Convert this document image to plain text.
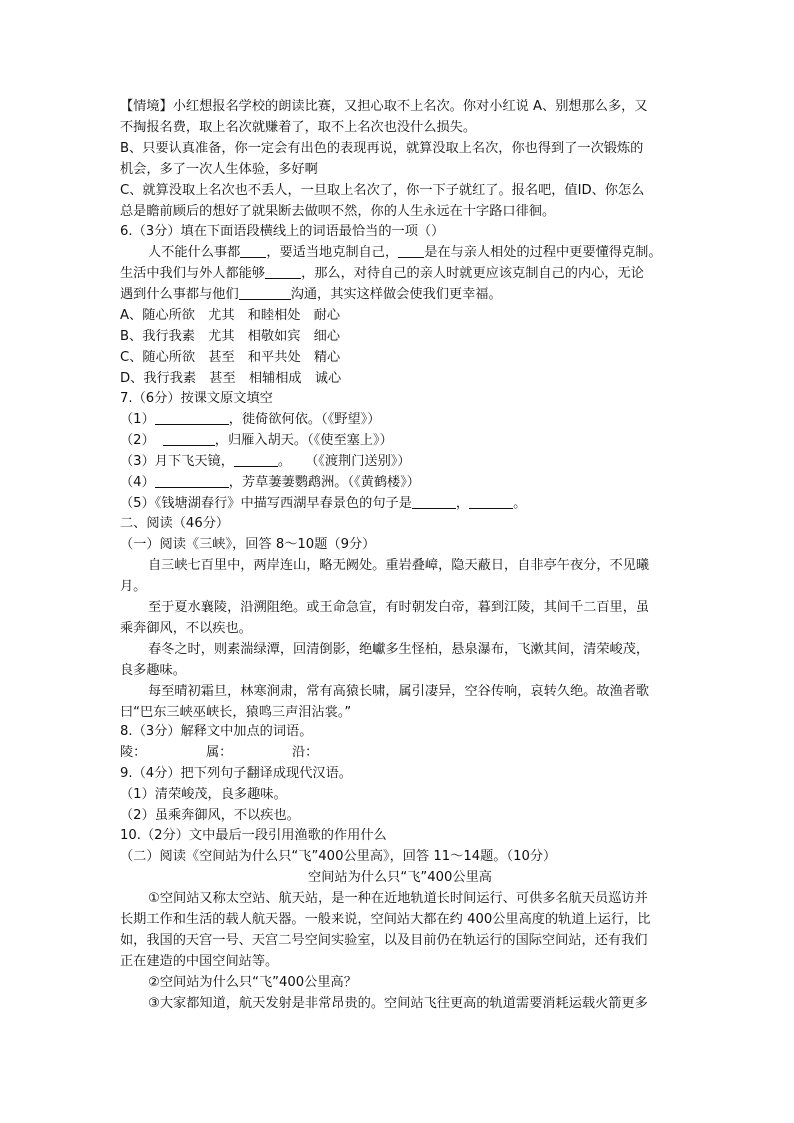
【情境】小红想报名学校的朗读比赛，又担心取不上名次。你对小红说 A、别想那么多，又
不掏报名费，取上名次就赚着了，取不上名次也没什么损失。
B、只要认真准备，你一定会有出色的表现再说，就算没取上名次，你也得到了一次锻炼的
机会，多了一次人生体验，多好啊
C、就算没取上名次也不丢人，一旦取上名次了，你一下子就红了。报名吧，值ID、你怎么
总是瞻前顾后的想好了就果断去做呗不然，你的人生永远在十字路口徘徊。
6.（3分）填在下面语段横线上的词语最恰当的一项（）
人不能什么事都 ，要适当地克制自己， 是在与亲人相处的过程中更要懂得克制。
生活中我们与外人都能够	，那么，对待自己的亲人时就更应该克制自己的内心，无论
遇到什么事都与他们	沟通，其实这样做会使我们更幸福。
A、随心所欲　尤其　和睦相处　耐心
B、我行我素　尤其　相敬如宾　细心
C、随心所欲　甚至　和平共处　精心
D、我行我素　甚至　相辅相成　诚心
7.（6分）按课文原文填空
（1）	，徙倚欲何依。（《野望》）
（2）	，归雁入胡天。（《使至塞上》）
（3）月下飞天镜，	。 （《渡荆门送别》）
（4）	，芳草萋萋鹦鹉洲。（《黄鹤楼》）
（5）《钱塘湖春行》中描写西湖早春景色的句子是	，	。
二、阅读（46分）
（一）阅读《三峡》，回答 8～10题（9分）
自三峡七百里中，两岸连山，略无阙处。重岩叠嶂，隐天蔽日，自非亭午夜分，不见曦
月。
至于夏水襄陵，沿溯阻绝。或王命急宣，有时朝发白帝，暮到江陵，其间千二百里，虽
乘奔御风，不以疾也。
春冬之时，则素湍绿潭，回清倒影，绝巘多生怪柏，悬泉瀑布，飞漱其间，清荣峻茂，
良多趣味。
每至晴初霜旦，林寒涧肃，常有高猿长啸，属引凄异，空谷传响，哀转久绝。故渔者歌
曰“巴东三峡巫峡长，猿鸣三声泪沾裳。”
8.（3分）解释文中加点的词语。
陵：	属：	沿：
9.（4分）把下列句子翻译成现代汉语。
（1）清荣峻茂，良多趣味。
（2）虽乘奔御风，不以疾也。
10.（2分）文中最后一段引用渔歌的作用什么
（二）阅读《空间站为什么只“飞”400公里高》，回答 11～14题。（10分）
空间站为什么只“飞”400公里高
①空间站又称太空站、航天站，是一种在近地轨道长时间运行、可供多名航天员巡访并
长期工作和生活的载人航天器。一般来说，空间站大都在约 400公里高度的轨道上运行，比
如，我国的天宫一号、天宫二号空间实验室，以及目前仍在轨运行的国际空间站，还有我们
正在建造的中国空间站等。
②空间站为什么只“飞”400公里高？
③大家都知道，航天发射是非常昂贵的。空间站飞往更高的轨道需要消耗运载火箭更多
